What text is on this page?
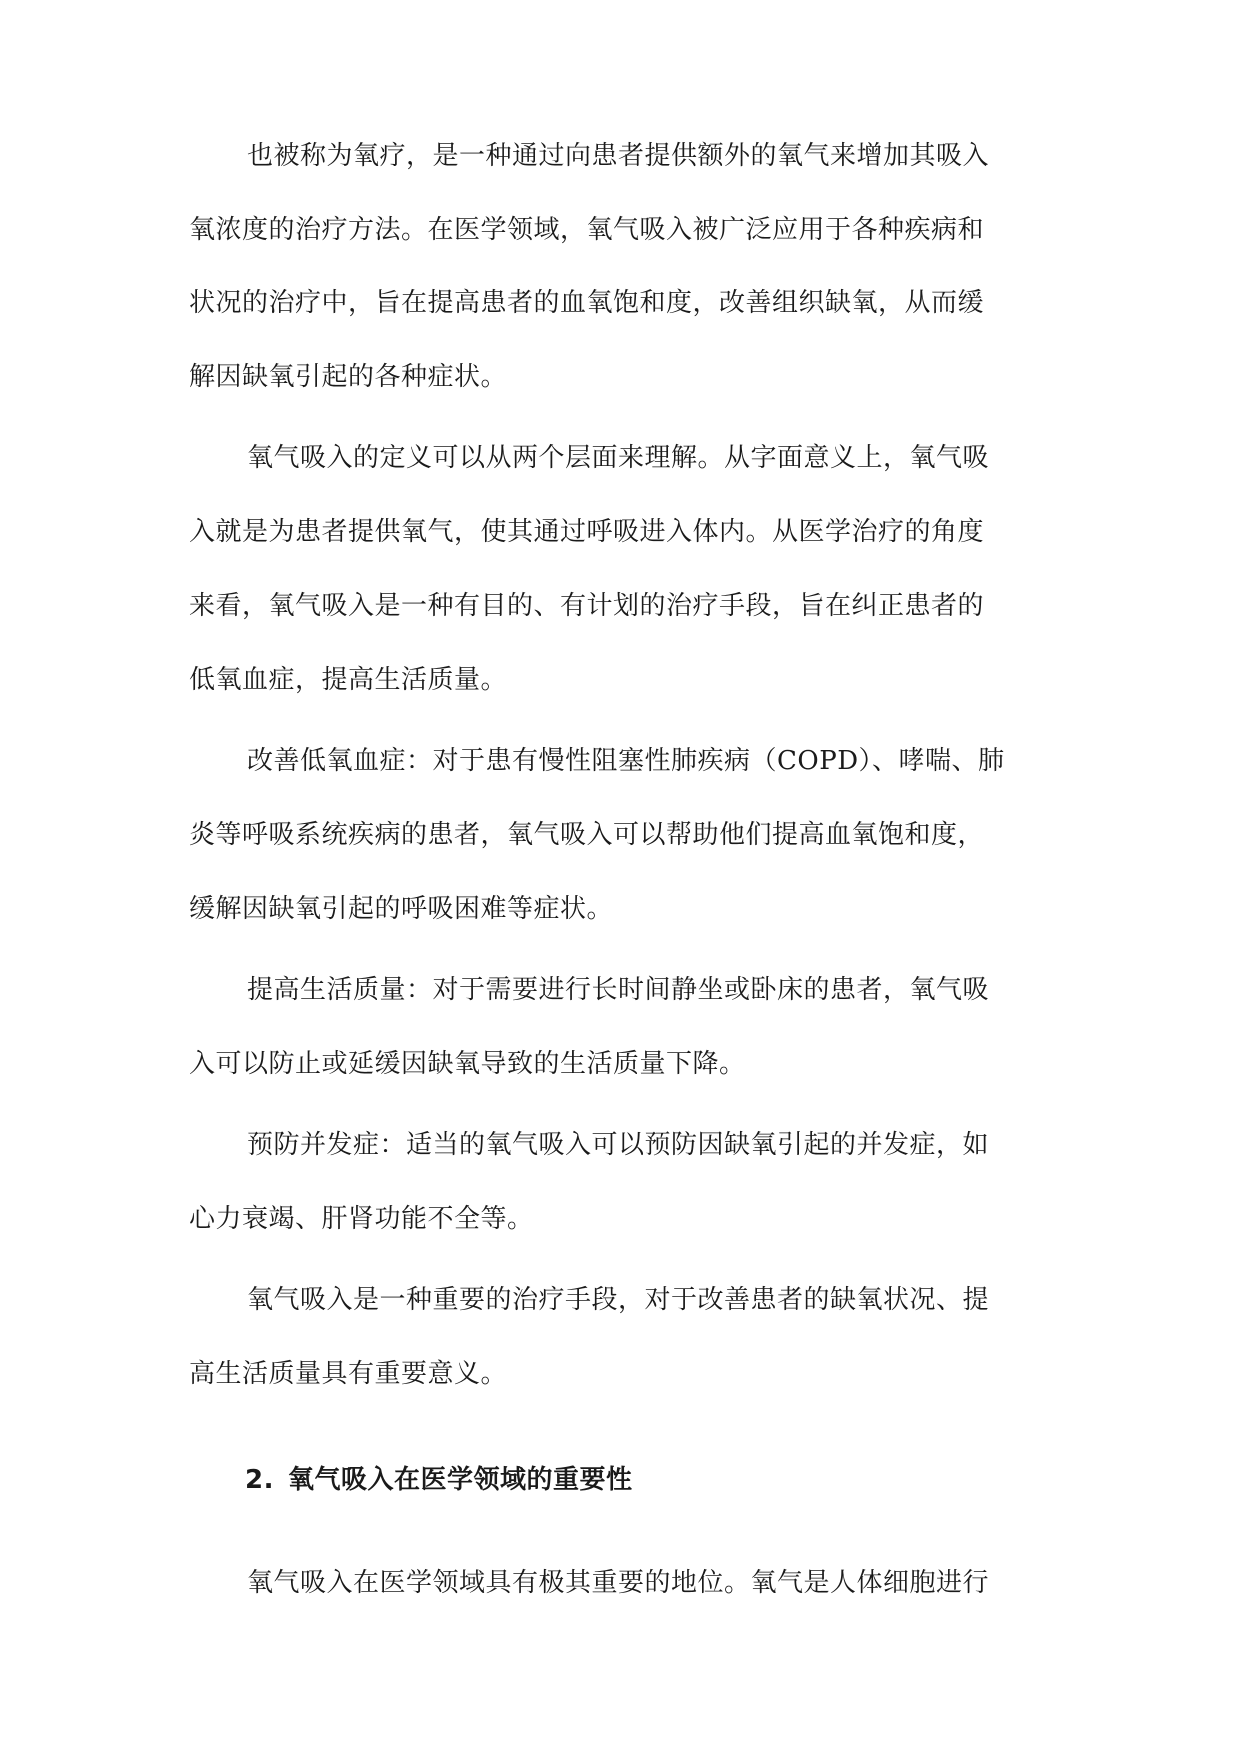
也被称为氧疗，是一种通过向患者提供额外的氧气来增加其吸入
氧浓度的治疗方法。在医学领域，氧气吸入被广泛应用于各种疾病和
状况的治疗中，旨在提高患者的血氧饱和度，改善组织缺氧，从而缓
解因缺氧引起的各种症状。
氧气吸入的定义可以从两个层面来理解。从字面意义上，氧气吸
入就是为患者提供氧气，使其通过呼吸进入体内。从医学治疗的角度
来看，氧气吸入是一种有目的、有计划的治疗手段，旨在纠正患者的
低氧血症，提高生活质量。
改善低氧血症：对于患有慢性阻塞性肺疾病（COPD）、哮喘、肺
炎等呼吸系统疾病的患者，氧气吸入可以帮助他们提高血氧饱和度，
缓解因缺氧引起的呼吸困难等症状。
提高生活质量：对于需要进行长时间静坐或卧床的患者，氧气吸
入可以防止或延缓因缺氧导致的生活质量下降。
预防并发症：适当的氧气吸入可以预防因缺氧引起的并发症，如
心力衰竭、肝肾功能不全等。
氧气吸入是一种重要的治疗手段，对于改善患者的缺氧状况、提
高生活质量具有重要意义。
2. 氧气吸入在医学领域的重要性
氧气吸入在医学领域具有极其重要的地位。氧气是人体细胞进行
